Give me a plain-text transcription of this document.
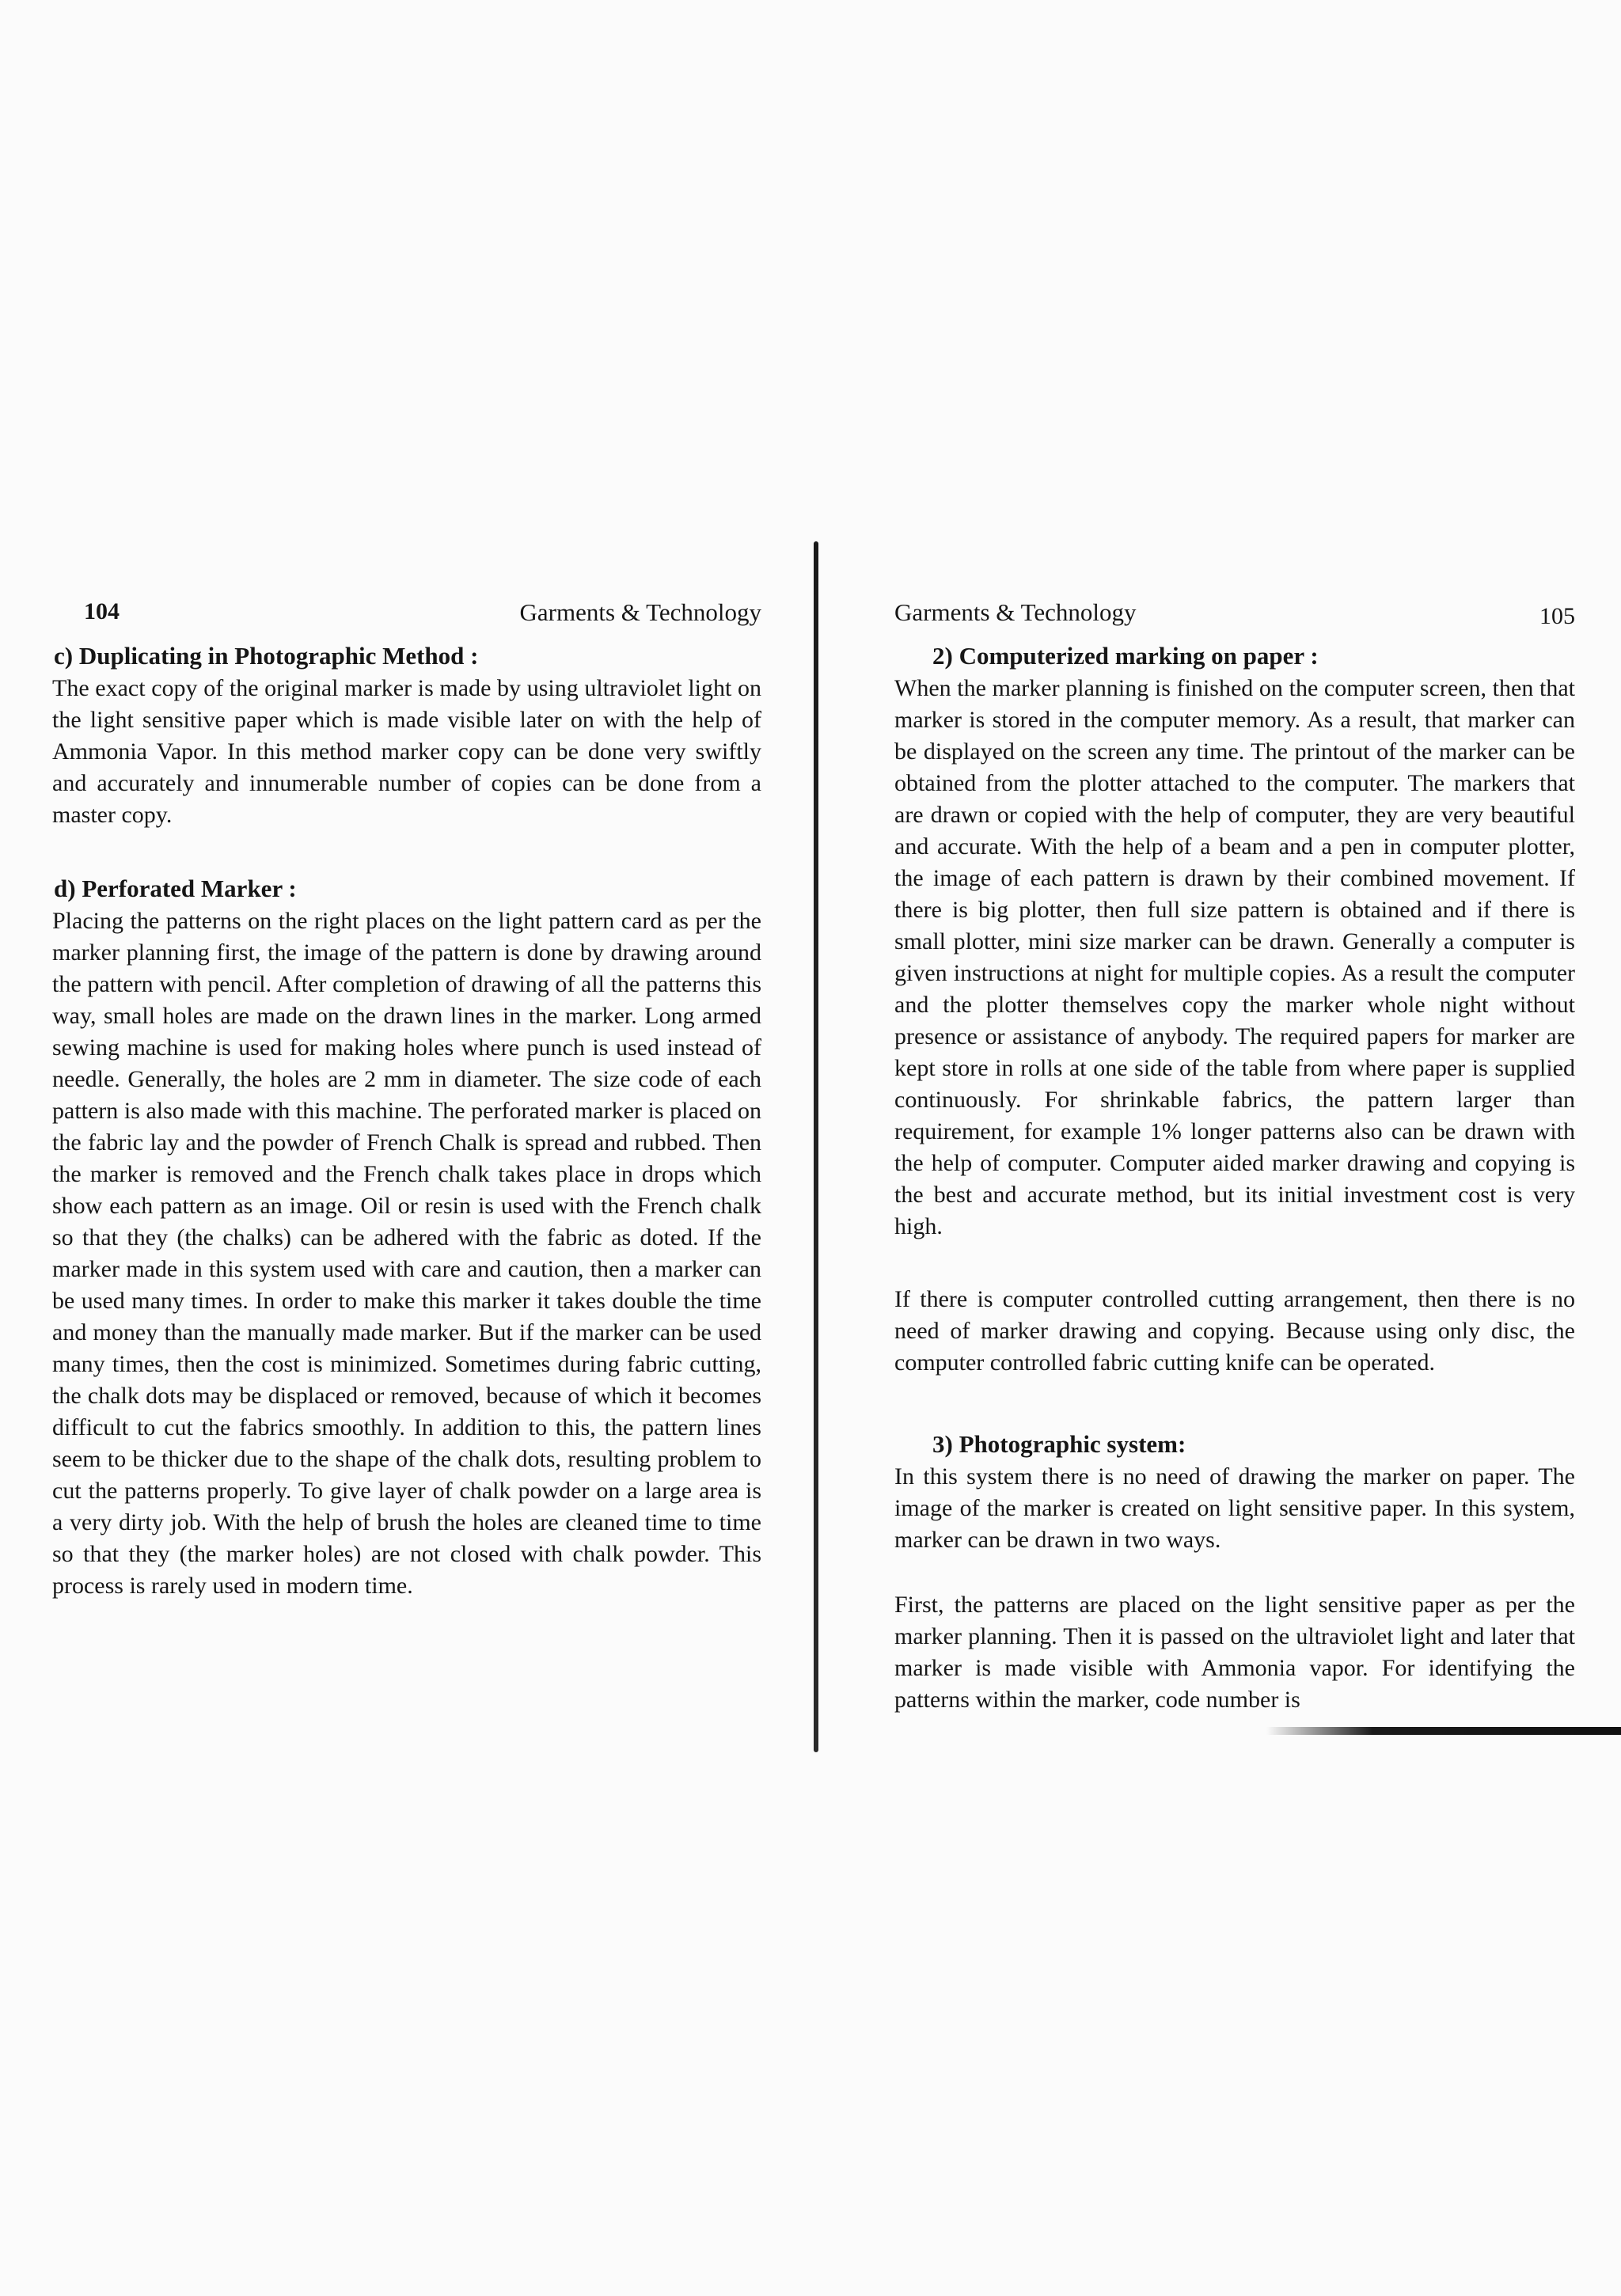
104	Garments & Technology

c) Duplicating in Photographic Method :

The exact copy of the original marker is made by using ultraviolet light on the light sensitive paper which is made visible later on with the help of Ammonia Vapor. In this method marker copy can be done very swiftly and accurately and innumerable number of copies can be done from a master copy.

d) Perforated Marker :

Placing the patterns on the right places on the light pattern card as per the marker planning first, the image of the pattern is done by drawing around the pattern with pencil. After completion of drawing of all the patterns this way, small holes are made on the drawn lines in the marker. Long armed sewing machine is used for making holes where punch is used instead of needle. Generally, the holes are 2 mm in diameter. The size code of each pattern is also made with this machine. The perforated marker is placed on the fabric lay and the powder of French Chalk is spread and rubbed. Then the marker is removed and the French chalk takes place in drops which show each pattern as an image. Oil or resin is used with the French chalk so that they (the chalks) can be adhered with the fabric as doted. If the marker made in this system used with care and caution, then a marker can be used many times. In order to make this marker it takes double the time and money than the manually made marker. But if the marker can be used many times, then the cost is minimized. Sometimes during fabric cutting, the chalk dots may be displaced or removed, because of which it becomes difficult to cut the fabrics smoothly. In addition to this, the pattern lines seem to be thicker due to the shape of the chalk dots, resulting problem to cut the patterns properly. To give layer of chalk powder on a large area is a very dirty job. With the help of brush the holes are cleaned time to time so that they (the marker holes) are not closed with chalk powder. This process is rarely used in modern time.

Garments & Technology	105

2) Computerized marking on paper :

When the marker planning is finished on the computer screen, then that marker is stored in the computer memory. As a result, that marker can be displayed on the screen any time. The printout of the marker can be obtained from the plotter attached to the computer. The markers that are drawn or copied with the help of computer, they are very beautiful and accurate. With the help of a beam and a pen in computer plotter, the image of each pattern is drawn by their combined movement. If there is big plotter, then full size pattern is obtained and if there is small plotter, mini size marker can be drawn. Generally a computer is given instructions at night for multiple copies. As a result the computer and the plotter themselves copy the marker whole night without presence or assistance of anybody. The required papers for marker are kept store in rolls at one side of the table from where paper is supplied continuously. For shrinkable fabrics, the pattern larger than requirement, for example 1% longer patterns also can be drawn with the help of computer. Computer aided marker drawing and copying is the best and accurate method, but its initial investment cost is very high.

If there is computer controlled cutting arrangement, then there is no need of marker drawing and copying. Because using only disc, the computer controlled fabric cutting knife can be operated.

3) Photographic system:

In this system there is no need of drawing the marker on paper. The image of the marker is created on light sensitive paper. In this system, marker can be drawn in two ways.

First, the patterns are placed on the light sensitive paper as per the marker planning. Then it is passed on the ultraviolet light and later that marker is made visible with Ammonia vapor. For identifying the patterns within the marker, code number is
